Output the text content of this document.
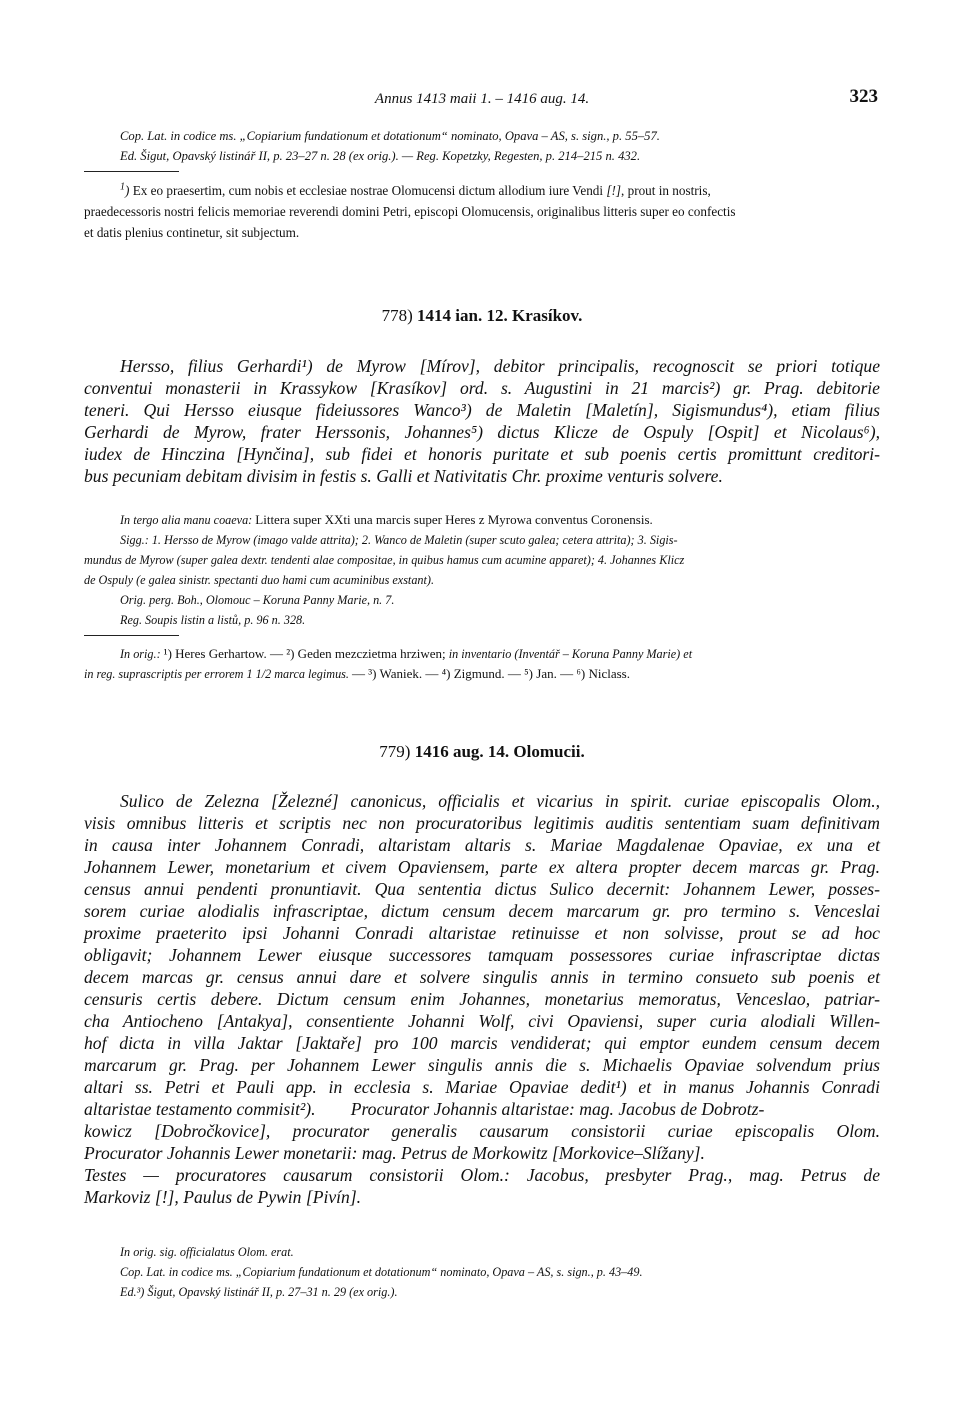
Annus 1413 maii 1. – 1416 aug. 14.	323
Cop. Lat. in codice ms. „Copiarium fundationum et dotationum“ nominato, Opava – AS, s. sign., p. 55–57.
Ed. Šigut, Opavský listinář II, p. 23–27 n. 28 (ex orig.). — Reg. Kopetzky, Regesten, p. 214–215 n. 432.
$^1$) Ex eo praesertim, cum nobis et ecclesiae nostrae Olomucensi dictum allodium iure Vendi [!], prout in nostris,
praedecessoris nostri felicis memoriae reverendi domini Petri, episcopi Olomucensis, originalibus litteris super eo confectis
et datis plenius continetur, sit subjectum.
778) 1414 ian. 12. Krasíkov.
Hersso, filius Gerhardi¹) de Myrow [Mírov], debitor principalis, recognoscit se priori totique
conventui monasterii in Krassykow [Krasíkov] ord. s. Augustini in 21 marcis²) gr. Prag. debitorie
teneri. Qui Hersso eiusque fideiussores Wanco³) de Maletin [Maletín], Sigismundus⁴), etiam filius
Gerhardi de Myrow, frater Herssonis, Johannes⁵) dictus Klicze de Ospuly [Ospit] et Nicolaus⁶),
iudex de Hinczina [Hynčina], sub fidei et honoris puritate et sub poenis certis promittunt creditori-
bus pecuniam debitam divisim in festis s. Galli et Nativitatis Chr. proxime venturis solvere.
In tergo alia manu coaeva: Littera super XXti una marcis super Heres z Myrowa conventus Coronensis.
Sigg.: 1. Hersso de Myrow (imago valde attrita); 2. Wanco de Maletin (super scuto galea; cetera attrita); 3. Sigis-
mundus de Myrow (super galea dextr. tendenti alae compositae, in quibus hamus cum acumine apparet); 4. Johannes Klicz
de Ospuly (e galea sinistr. spectanti duo hami cum acuminibus exstant).
Orig. perg. Boh., Olomouc – Koruna Panny Marie, n. 7.
Reg. Soupis listin a listů, p. 96 n. 328.
In orig.: ¹) Heres Gerhartow. — ²) Geden mezczietma hrziwen; in inventario (Inventář – Koruna Panny Marie) et
in reg. suprascriptis per errorem 1 1/2 marca legimus. — ³) Waniek. — ⁴) Zigmund. — ⁵) Jan. — ⁶) Niclass.
779) 1416 aug. 14. Olomucii.
Sulico de Zelezna [Železné] canonicus, officialis et vicarius in spirit. curiae episcopalis Olom.,
visis omnibus litteris et scriptis nec non procuratoribus legitimis auditis sententiam suam definitivam
in causa inter Johannem Conradi, altaristam altaris s. Mariae Magdalenae Opaviae, ex una et
Johannem Lewer, monetarium et civem Opaviensem, parte ex altera propter decem marcas gr. Prag.
census annui pendenti pronuntiavit. Qua sententia dictus Sulico decernit: Johannem Lewer, posses-
sorem curiae alodialis infrascriptae, dictum censum decem marcarum gr. pro termino s. Venceslai
proxime praeterito ipsi Johanni Conradi altaristae retinuisse et non solvisse, prout se ad hoc
obligavit; Johannem Lewer eiusque successores tamquam possessores curiae infrascriptae dictas
decem marcas gr. census annui dare et solvere singulis annis in termino consueto sub poenis et
censuris certis debere. Dictum censum enim Johannes, monetarius memoratus, Venceslao, patriar-
cha Antiocheno [Antakya], consentiente Johanni Wolf, civi Opaviensi, super curia alodiali Willen-
hof dicta in villa Jaktar [Jaktaře] pro 100 marcis vendiderat; qui emptor eundem censum decem
marcarum gr. Prag. per Johannem Lewer singulis annis die s. Michaelis Opaviae solvendum prius
altari ss. Petri et Pauli app. in ecclesia s. Mariae Opaviae dedit¹) et in manus Johannis Conradi
altaristae testamento commisit²).        Procurator Johannis altaristae: mag. Jacobus de Dobrotz-
kowicz [Dobročkovice], procurator generalis causarum consistorii curiae episcopalis Olom.
Procurator Johannis Lewer monetarii: mag. Petrus de Morkowitz [Morkovice–Slížany].
Testes — procuratores causarum consistorii Olom.: Jacobus, presbyter Prag., mag. Petrus de
Markoviz [!], Paulus de Pywin [Pivín].
In orig. sig. officialatus Olom. erat.
Cop. Lat. in codice ms. „Copiarium fundationum et dotationum“ nominato, Opava – AS, s. sign., p. 43–49.
Ed.³) Šigut, Opavský listinář II, p. 27–31 n. 29 (ex orig.).
